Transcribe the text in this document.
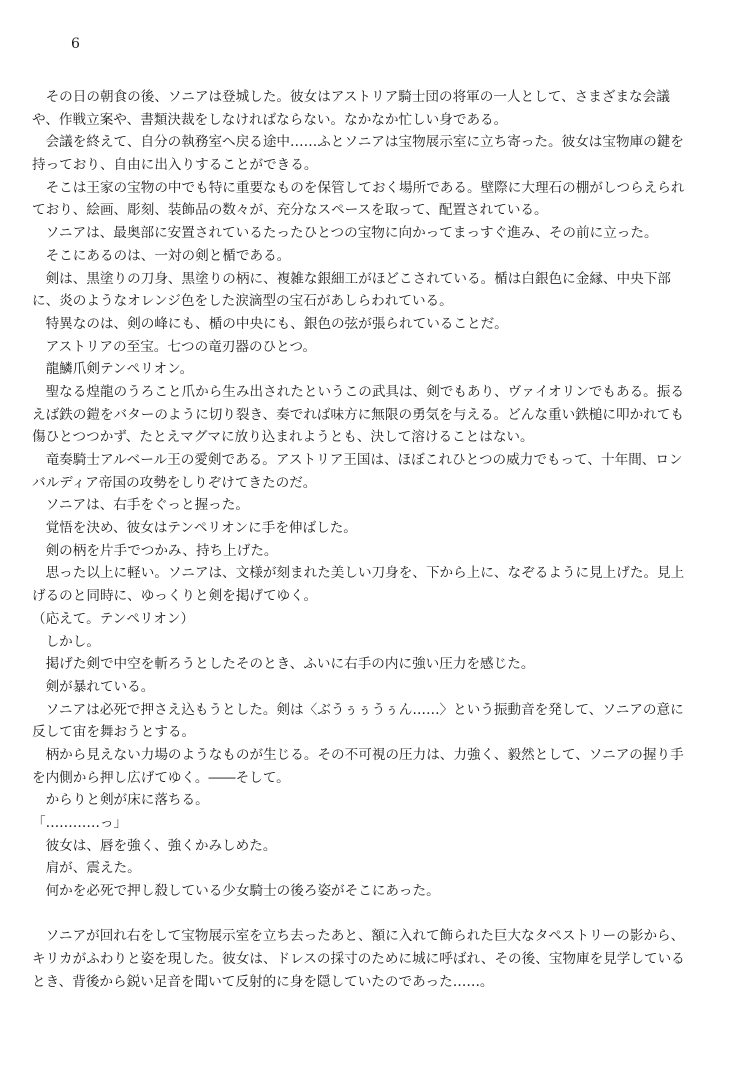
6
　その日の朝食の後、ソニアは登城した。彼女はアストリア騎士団の将軍の一人として、さまざまな会議
や、作戦立案や、書類決裁をしなければならない。なかなか忙しい身である。
　会議を終えて、自分の執務室へ戻る途中……ふとソニアは宝物展示室に立ち寄った。彼女は宝物庫の鍵を
持っており、自由に出入りすることができる。
　そこは王家の宝物の中でも特に重要なものを保管しておく場所である。壁際に大理石の棚がしつらえられ
ており、絵画、彫刻、装飾品の数々が、充分なスペースを取って、配置されている。
　ソニアは、最奥部に安置されているたったひとつの宝物に向かってまっすぐ進み、その前に立った。
　そこにあるのは、一対の剣と楯である。
　剣は、黒塗りの刀身、黒塗りの柄に、複雑な銀細工がほどこされている。楯は白銀色に金縁、中央下部
に、炎のようなオレンジ色をした涙滴型の宝石があしらわれている。
　特異なのは、剣の峰にも、楯の中央にも、銀色の弦が張られていることだ。
　アストリアの至宝。七つの竜刃器のひとつ。
　龍鱗爪剣テンペリオン。
　聖なる煌龍のうろこと爪から生み出されたというこの武具は、剣でもあり、ヴァイオリンでもある。振る
えば鉄の鎧をバターのように切り裂き、奏でれば味方に無限の勇気を与える。どんな重い鉄槌に叩かれても
傷ひとつつかず、たとえマグマに放り込まれようとも、決して溶けることはない。
　竜奏騎士アルベール王の愛剣である。アストリア王国は、ほぼこれひとつの威力でもって、十年間、ロン
バルディア帝国の攻勢をしりぞけてきたのだ。
　ソニアは、右手をぐっと握った。
　覚悟を決め、彼女はテンペリオンに手を伸ばした。
　剣の柄を片手でつかみ、持ち上げた。
　思った以上に軽い。ソニアは、文様が刻まれた美しい刀身を、下から上に、なぞるように見上げた。見上
げるのと同時に、ゆっくりと剣を掲げてゆく。
（応えて。テンペリオン）
　しかし。
　掲げた剣で中空を斬ろうとしたそのとき、ふいに右手の内に強い圧力を感じた。
　剣が暴れている。
　ソニアは必死で押さえ込もうとした。剣は〈ぶうぅぅうぅん……〉という振動音を発して、ソニアの意に
反して宙を舞おうとする。
　柄から見えない力場のようなものが生じる。その不可視の圧力は、力強く、毅然として、ソニアの握り手
を内側から押し広げてゆく。――そして。
　からりと剣が床に落ちる。
「…………っ」
　彼女は、唇を強く、強くかみしめた。
　肩が、震えた。
　何かを必死で押し殺している少女騎士の後ろ姿がそこにあった。
　ソニアが回れ右をして宝物展示室を立ち去ったあと、額に入れて飾られた巨大なタペストリーの影から、
キリカがふわりと姿を現した。彼女は、ドレスの採寸のために城に呼ばれ、その後、宝物庫を見学している
とき、背後から鋭い足音を聞いて反射的に身を隠していたのであった……。
